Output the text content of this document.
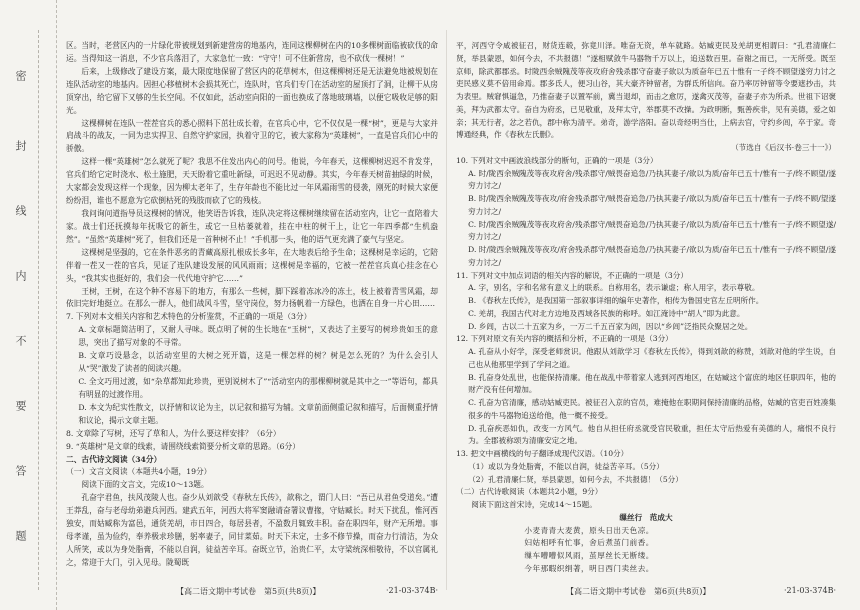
密
封
线
内
不
要
答
题

区。当时，老营区内的一片绿化带被规划到新建营房的地基内，连同这棵柳树在内的10多棵树面临被砍伐的命运。当得知这一消息，不少官兵落泪了，大家急忙一致：“守守！可不住新营房，也不砍伐一棵树！”

后来，上级修改了建设方案，最大限度地保留了营区内的花草树木，但这棵柳树还是无法避免地被规划在连队活动室的地基内。因担心移植树木会损其死亡，连队时，官兵们专门在活动室的屋顶打了洞，让柳干从房顶穿出，给它留下又够的生长空间。不仅如此，活动室向阳的一面也换成了落地玻璃墙，以便它吸收足够的阳光。

这棵柳树在连队一茬茬官兵的悉心照料下茁壮成长着，在官兵心中，它不仅仅是一棵“树”，更是与大家并肩战斗的战友，一同为忠实捍卫、自然守护家园，执着守卫的它，被大家称为“英雄树”，一直是官兵们心中的骄傲。

这样一棵“英雄树”怎么就死了呢？我思不住发出内心的问号。他说，今年春天，这棵柳树迟迟不肯发芽，官兵们给它定时浇水、松土施肥，天天盼着它重吐新绿，可迟迟不见动静。其实，今年春天树苗抽绿的时候，大家都会发现这样一个现象，因为柳太老年了，生存年龄也不能比过一年风霜雨雪的侵袭，刚死的时候大家便纷纷泪，谁也不愿意为它砍倒枯死的残肢而砍了它的残枝。

我问询问道指导员这棵树的情况，他笑语告诉我，连队决定将这棵树继续留在活动室内，让它一直陪着大家。战士们还抚摸每年抚吸它的新生，或它一旦枯萎就着，挂在中柱的树干上，让它一年四季都“生机盎然”。“虽然“英雄树”死了，但我们还是一首种树不止！”手机那一头，他的语气更充满了豪气与坚定。

这棵树是坚强的，它在条件恶劣的青藏高原扎根成长多年，在大地表后给予生命；这棵树是幸运的，它陪伴着一茬又一茬的官兵，见证了连队建设发展的风风雨雨；这棵树是幸福的，它被一茬茬官兵真心挂念在心头，“我其实也挺好的，我们会一代代地守护它……”

王树，王树，在这个种不容易下的地方，有那么一些树，脚下踩着冻冰冷的冻土，枝上被着青雪风霜，却依旧完好地挺立。在那么一群人，他们战风斗雪，坚守岗位，努力扬帆着一方绿色，也洒在自身一片心田……

7. 下列对本文相关内容和艺术特色的分析鉴赏，不正确的一项是（3分）

A. 文章标题简洁明了，又耐人寻味。既点明了树的生长地在“玉树”，又表达了主要写的树珍贵如玉的意思，突出了描写对象的不寻常。

B. 文章巧设悬念，以活动室里的大树之死开篇，这是一棵怎样的树？树是怎么死的？为什么会引人从“哭”激发了读者的阅读兴趣。

C. 全文巧用过渡，如“杂草都知此珍贵，更别说树木了”“活动室内的那棵柳树就是其中之一”等语句，都具有明显的过渡作用。

D. 本文为纪实性散文，以抒情和议论为主，以记叙和描写为辅。文章前面侧重记叙和描写，后面侧重抒情和议论，揭示文章主题。

8. 文章除了写树，还写了草和人，为什么要这样安排？（6分）

9. “英雄树”是文章的线索，请围绕线索简要分析文章的思路。（6分）

二、古代诗文阅读（34分）

（一）文言文阅读（本题共4小题，19分）

阅读下面的文言文，完成10～13题。

孔奋字君鱼，扶风茂陵人也。奋少从刘歆受《春秋左氏传》，歆称之，谓门人曰：“吾已从君鱼受道矣。”遭王莽乱，奋与老母幼弟避兵河西。建武五年，河西大将军窦融请奋署议曹掾，守姑臧长。时天下扰乱，惟河西独安，而姑臧称为富邑，通货羌胡，市日四合，每居县者，不盈数月辄致丰积。奋在职四年，财产无所增。事母孝谨，虽为俭约，奉养极求珍膳，躬率妻子，同甘菜茹。时天下未定，士多不修节操，而奋力行清洁，为众人所笑，或以为身处脂膏，不能以自润，徒益苦辛耳。奋既立节，治贵仁平，太守梁统深相敬待，不以官属礼之，常迎于大门，引入见母。陇蜀既

【高二语文期中考试卷　第5页(共8页)】	·21-03-374B·

平，河西守令咸被征召，财货连毂，弥竟川泽。唯奋无资，单车就路。姑臧吏民及羌胡更相谓曰：“孔君清廉仁贤，举县蒙恩，如何今去，不共报德！”遂相赋敛牛马器物千万以上，追送数百里。奋谢之而已，一无所受。既至京师，除武都郡丞。时陇西余贼隗茂等夜攻府舍残杀郡守奋妻子欲以为质奋年已五十惟有一子终不顾望遂穷力讨之吏民感义莫不倍用命焉。郡多氐人，便习山谷，其大豪齐钟留者，为群氐所信向。奋乃率厉钟留等令要遮抄击，共为表里。贼窘惧逼急，乃推奋妻子以置军前，冀当退却，而击之愈厉，遂禽灭茂等，奋妻子亦为所杀。世祖下诏褒美，拜为武都太守。奋自为府丞，已见敬重，及拜太守，举郡莫不改操。为政明断，甄善疾非，见有美德，爱之如亲；其无行者，忿之若仇，郡中称为清平。弟奇，游学洛阳。奋以奇经明当仕，上病去官，守约乡闾，卒于家。奇博通经典，作《春秋左氏删》。

（节选自《后汉书·卷三十一》）

10. 下列对文中画波浪线部分的断句，正确的一项是（3分）

A. 时/陇西余贼隗茂等夜攻府舍/残杀郡守/贼畏奋追急/乃执其妻子/欲以为质/奋年已五十/惟有一子/终不顾望/遂穷力讨之/

B. 时/陇西余贼隗茂等夜攻/府舍残杀郡守/贼畏奋追急/乃执其妻子/欲以为质/奋年已五十/惟有一子/终不顾/望遂穷力讨之/

C. 时/陇西余贼隗茂等夜攻府舍/残杀郡守/贼畏奋追急/乃执其妻子/欲以为质/奋年已五十/惟有一子/终不顾望遂/穷力讨之/

D. 时/陇西余贼隗茂等夜攻/府舍残杀郡守/贼畏奋追急/乃执其妻子/欲以为质/奋年已五十/惟有一子/终不顾望/遂穷力讨之/

11. 下列对文中加点词语的相关内容的解说，不正确的一项是（3分）

A. 字，别名，字和名常有意义上的联系。自称用名，表示谦虚；称人用字，表示尊敬。

B. 《春秋左氏传》，是我国第一部叙事详细的编年史著作，相传为鲁国史官左丘明所作。

C. 羌胡，我国古代对北方边地及西域各民族的称呼。如江淹诗中“胡人”即为此意。

D. 乡闾，古以二十五家为乡，一万二千五百家为闾，因以“乡闾”泛指民众聚居之处。

12. 下列对原文有关内容的概括和分析，不正确的一项是（3分）

A. 孔奋从小好学，深受老师赏识。他跟从刘歆学习《春秋左氏传》，得到刘歆的称赞，刘歆对他的学生说，自己也从他那里学到了学问之道。

B. 孔奋身处乱世，也能保持清廉。他在战乱中带着家人逃到河西地区，在姑臧这个富庶的地区任职四年，他的财产没有任何增加。

C. 孔奋为官清廉，感动姑臧吏民。被征召入京的官员，难掩他在职期间保持清廉的品格，姑臧的官吏百姓凑集很多的牛马器物追送给他，他一概不接受。

D. 孔奋疾恶如仇，改变一方风气。他自从担任府丞就受官民敬重，担任太守后热爱有美德的人，痛恨不良行为。全郡被称颂为清廉安定之地。

13. 把文中画横线的句子翻译成现代汉语。（10分）

（1）或以为身处脂膏，不能以自润，徒益苦辛耳。（5分）

（2）孔君清廉仁贤，举县蒙恩，如何今去，不共报德！（5分）

（二）古代诗歌阅读（本题共2小题，9分）

阅读下面这首宋诗，完成14～15题。

缫丝行　范成大

小麦青青大麦黄，原头日出天色凉。

妇姑相呼有忙事，舍后煮茧门前香。

缫车嘈嘈似风雨，茧厚丝长无断缕。

今年那暇织绢著，明日西门卖丝去。

【高二语文期中考试卷　第6页(共8页)】	·21-03-374B·
